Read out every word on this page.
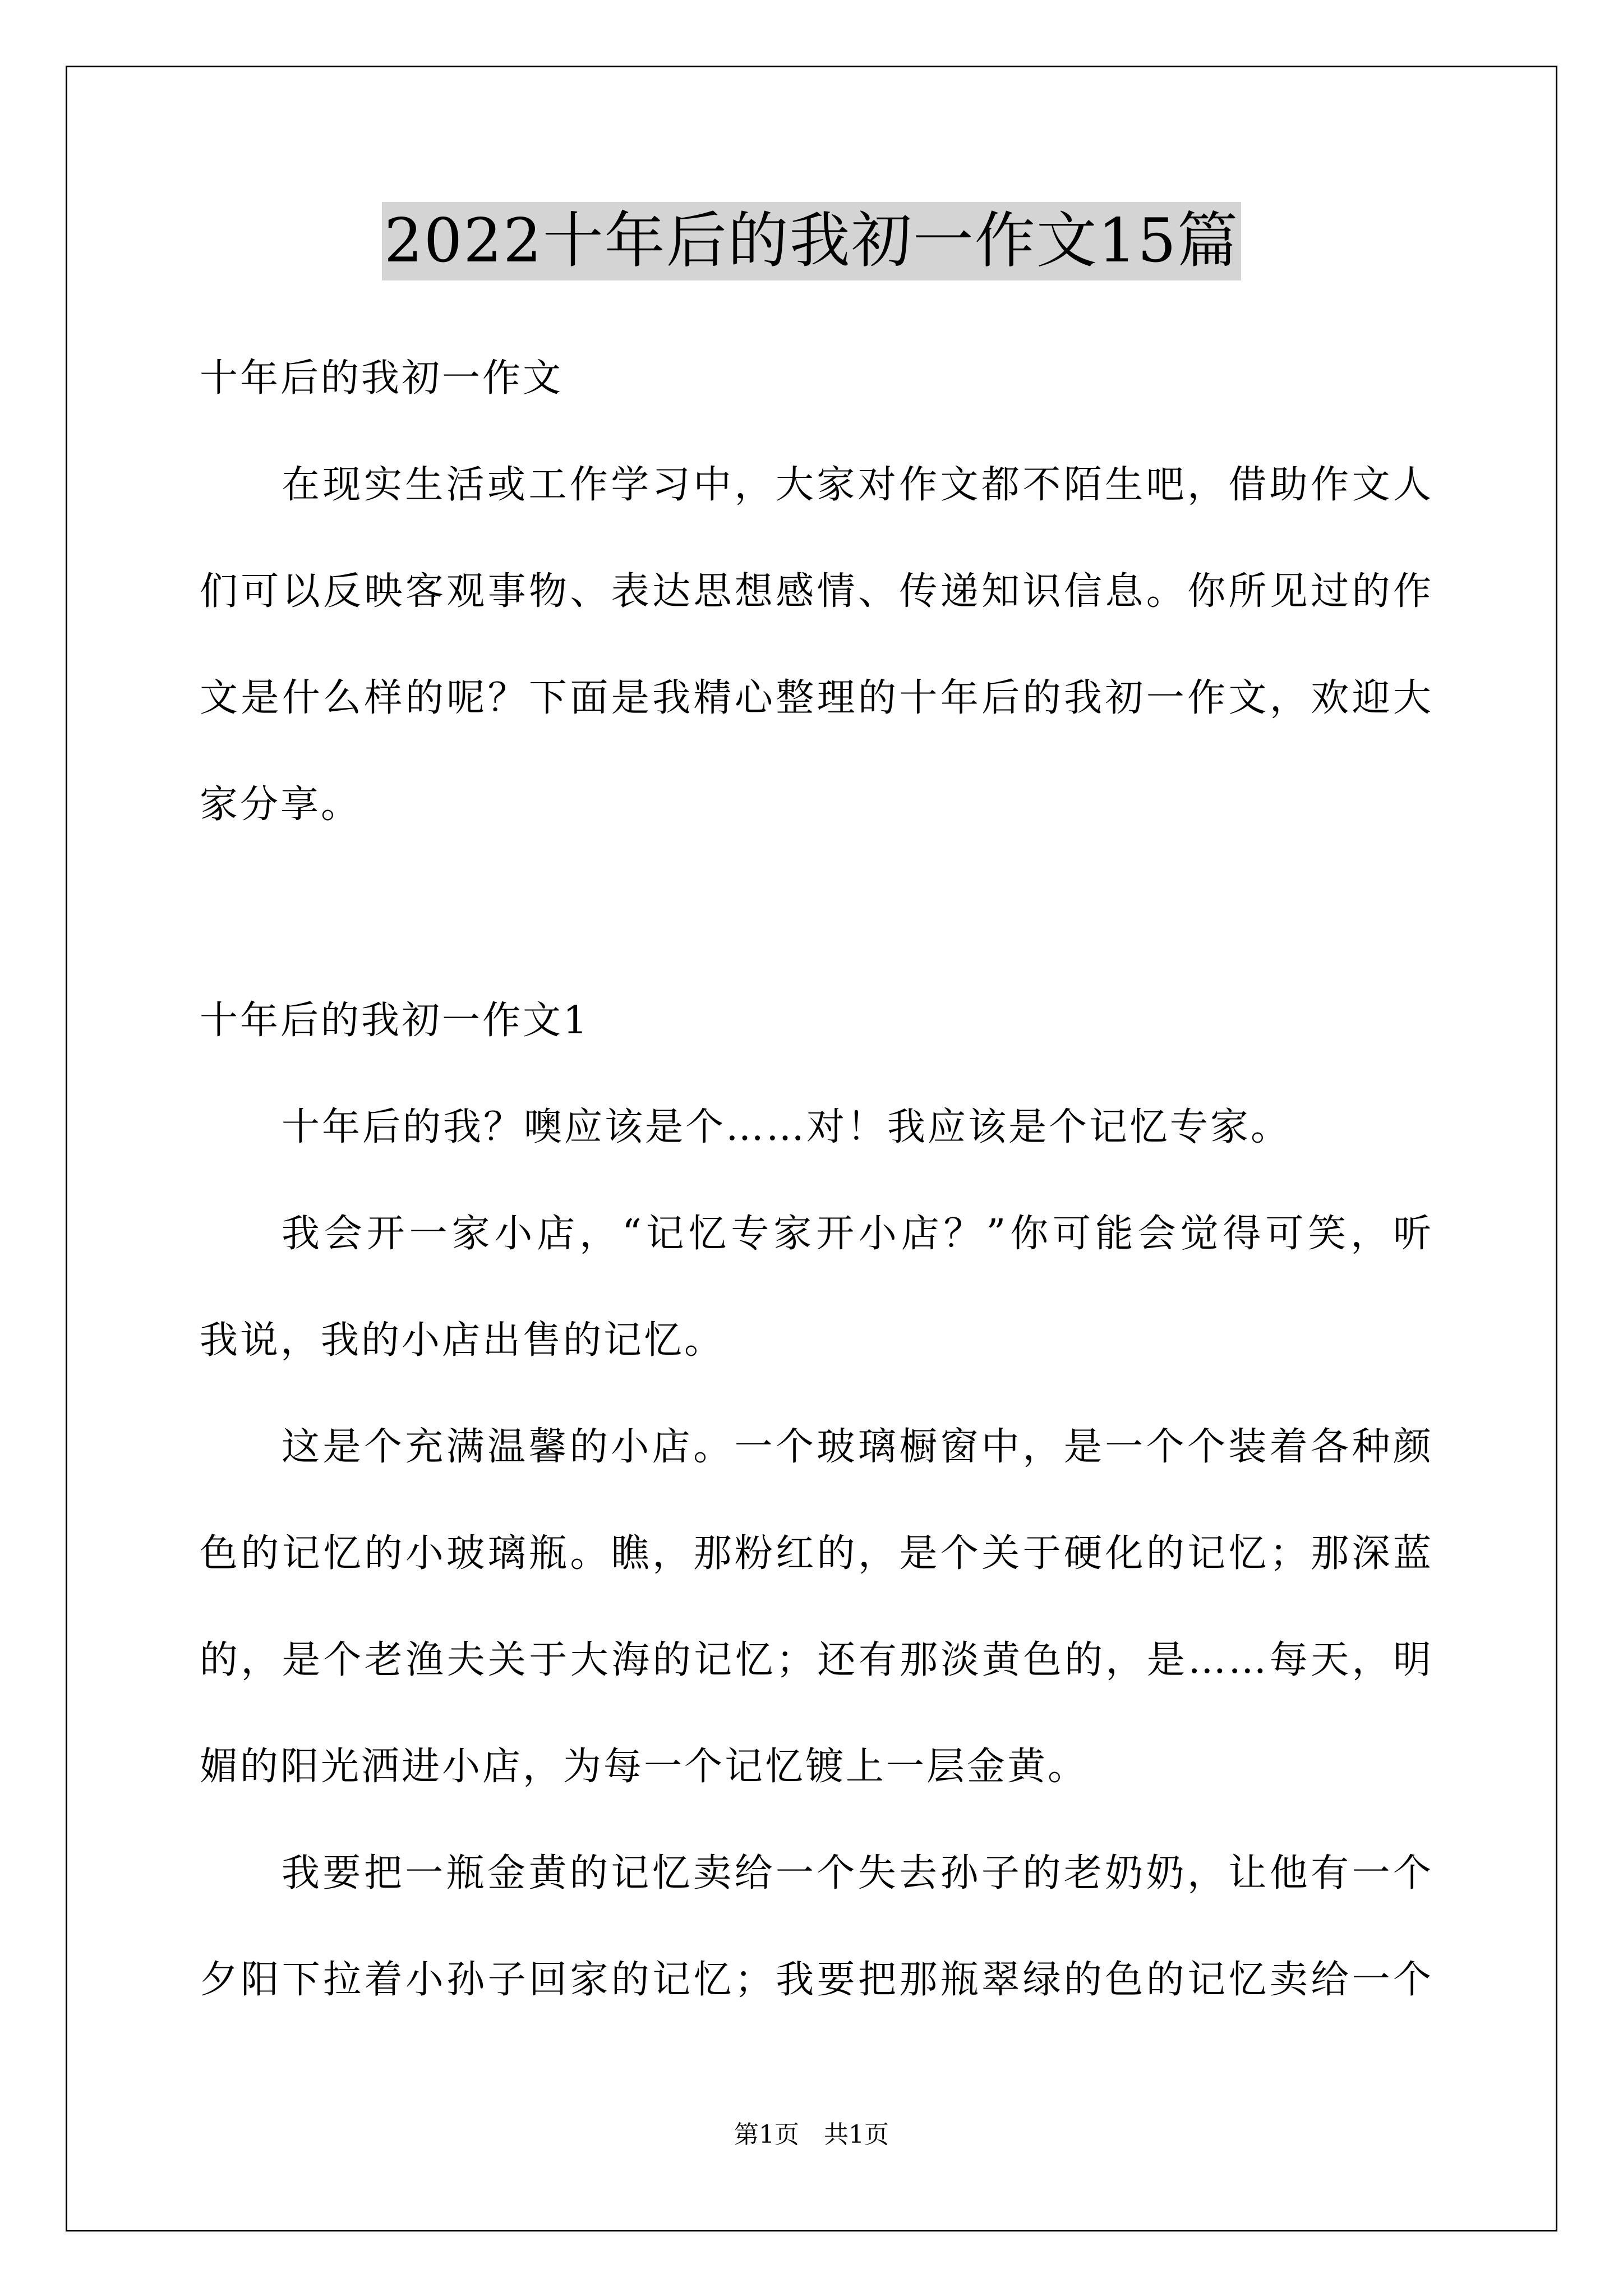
2022十年后的我初一作文15篇
十年后的我初一作文
在现实生活或工作学习中，大家对作文都不陌生吧，借助作文人
们可以反映客观事物、表达思想感情、传递知识信息。你所见过的作
文是什么样的呢？下面是我精心整理的十年后的我初一作文，欢迎大
家分享。
十年后的我初一作文1
十年后的我？噢应该是个……对！我应该是个记忆专家。
我会开一家小店，“记忆专家开小店？”你可能会觉得可笑，听
我说，我的小店出售的记忆。
这是个充满温馨的小店。一个玻璃橱窗中，是一个个装着各种颜
色的记忆的小玻璃瓶。瞧，那粉红的，是个关于硬化的记忆；那深蓝
的，是个老渔夫关于大海的记忆；还有那淡黄色的，是……每天，明
媚的阳光洒进小店，为每一个记忆镀上一层金黄。
我要把一瓶金黄的记忆卖给一个失去孙子的老奶奶，让他有一个
夕阳下拉着小孙子回家的记忆；我要把那瓶翠绿的色的记忆卖给一个
第1页　共1页
